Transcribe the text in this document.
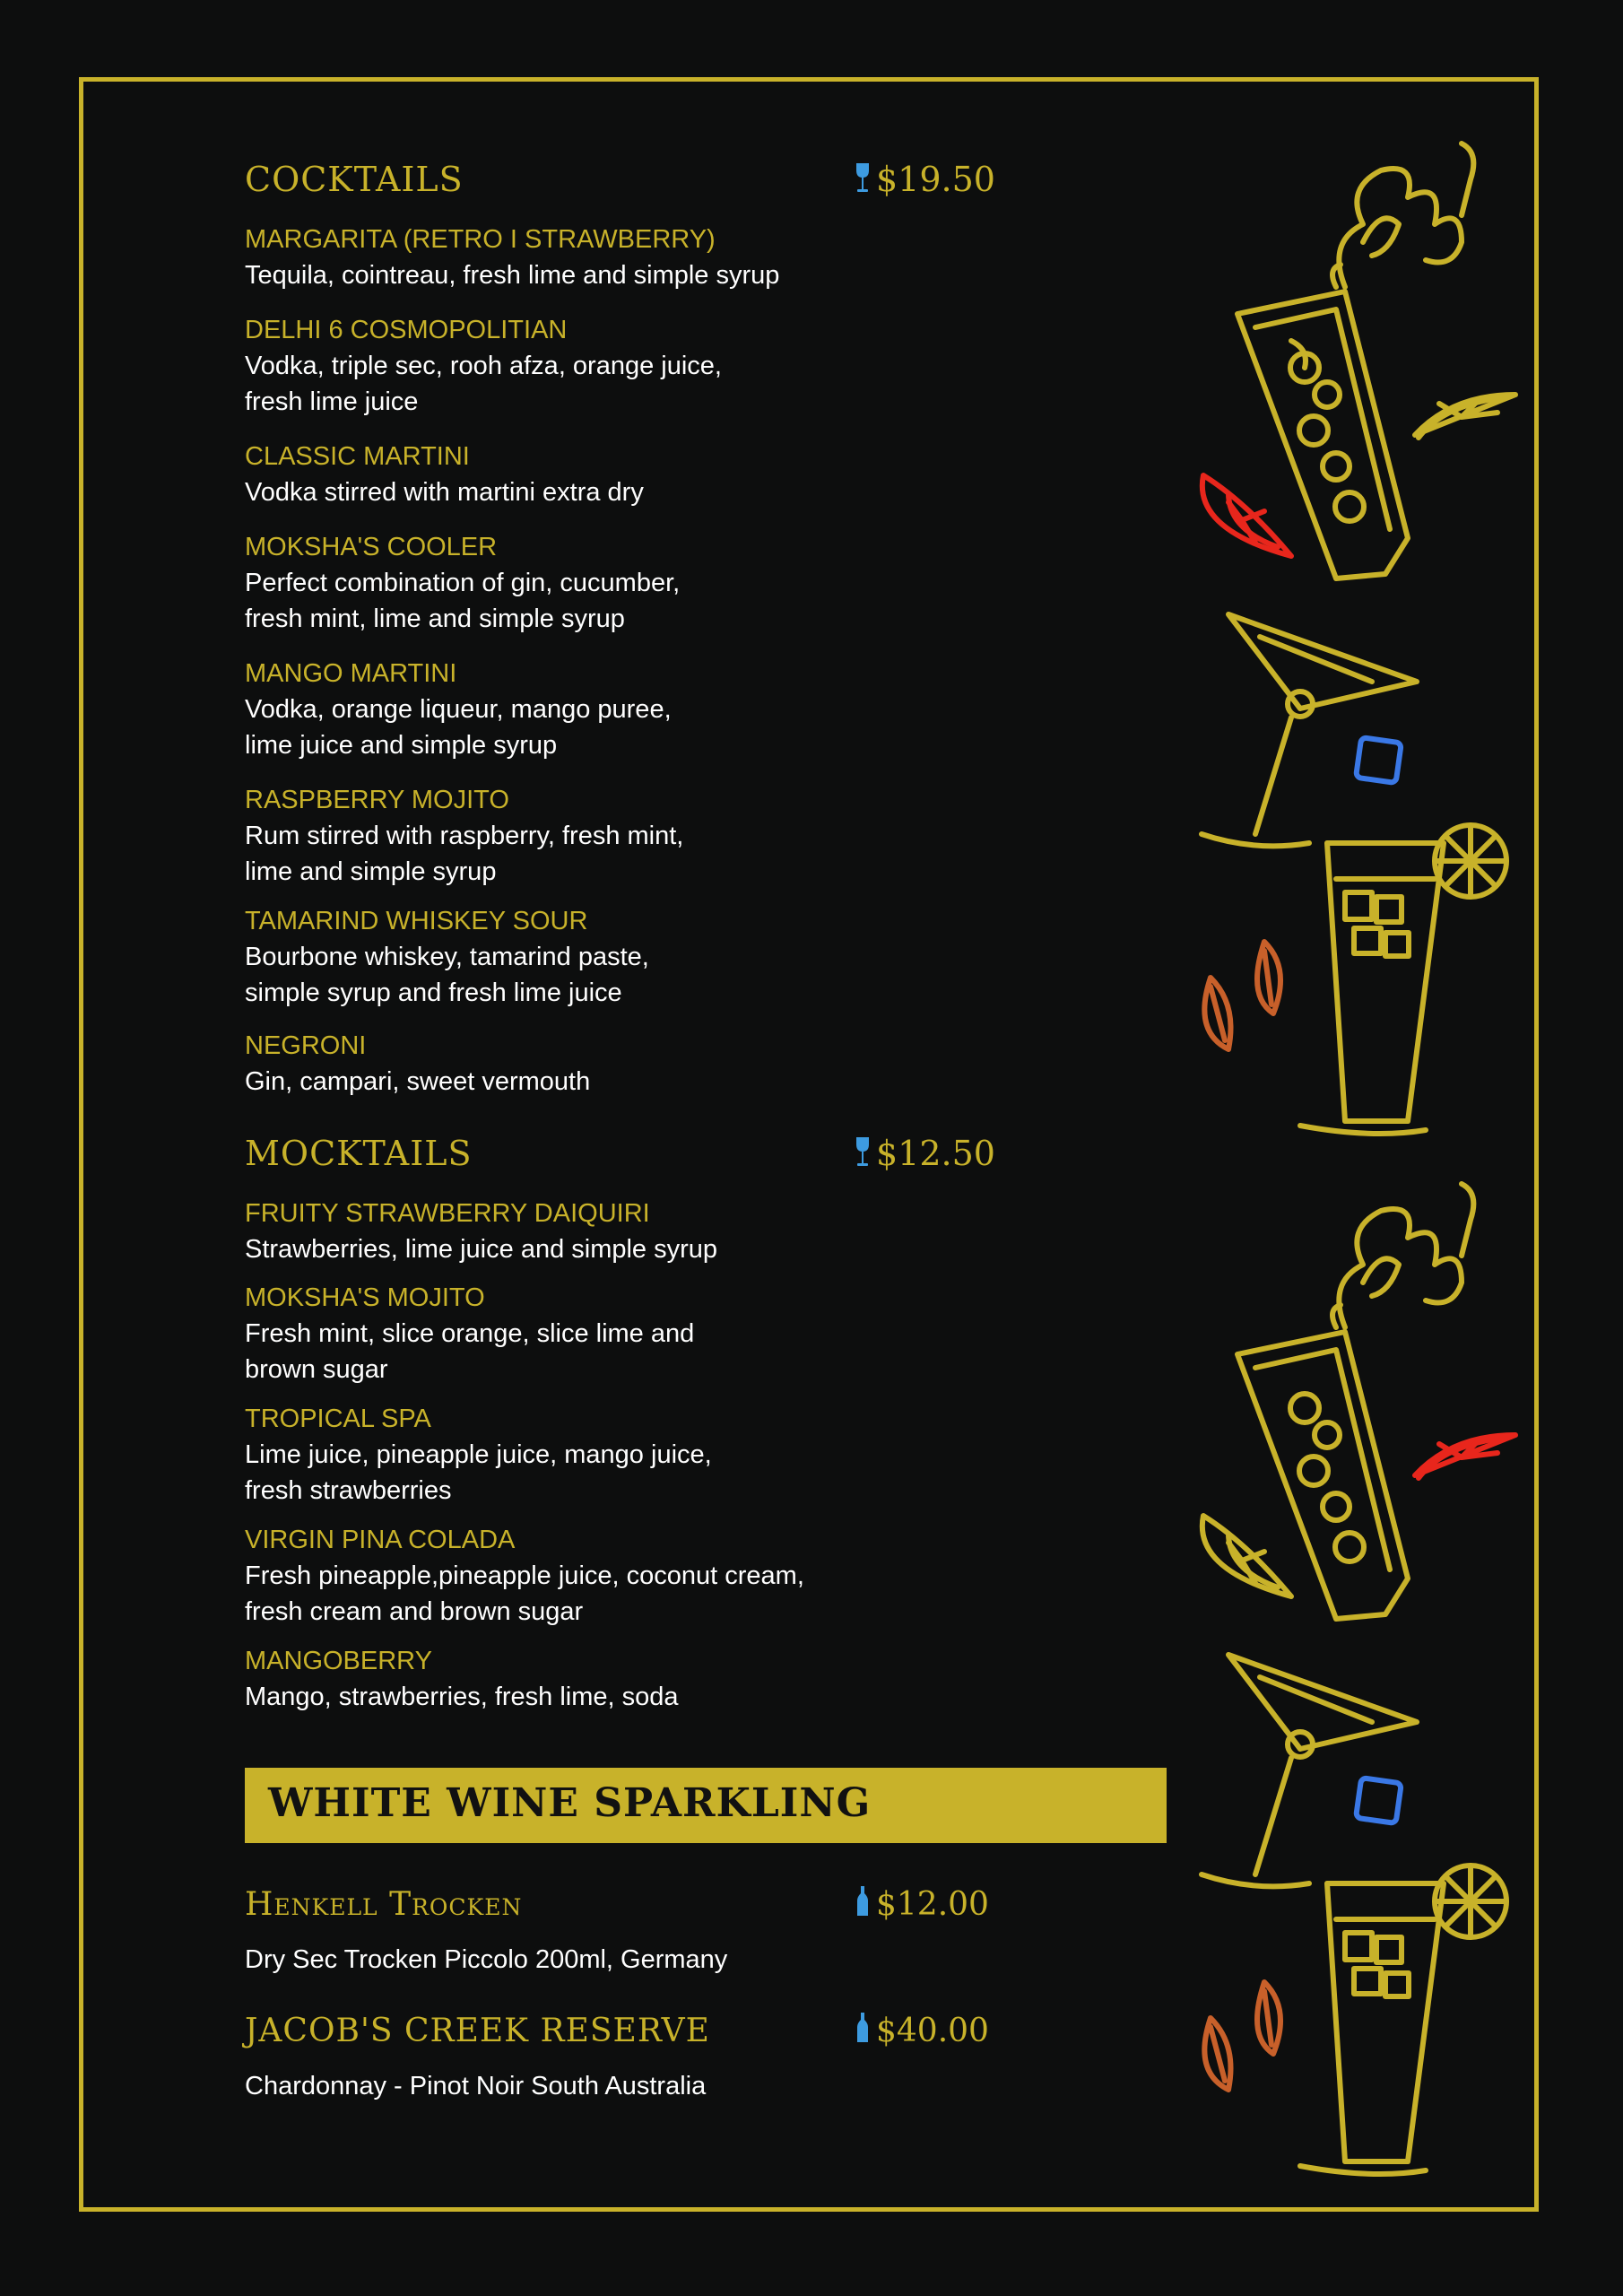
COCKTAILS	$19.50
MARGARITA (RETRO I STRAWBERRY)
Tequila, cointreau, fresh lime and simple syrup
DELHI 6 COSMOPOLITIAN
Vodka, triple sec, rooh afza, orange juice,
fresh lime juice
CLASSIC MARTINI
Vodka stirred with martini extra dry
MOKSHA'S COOLER
Perfect combination of gin, cucumber,
fresh mint, lime and simple syrup
MANGO MARTINI
Vodka, orange liqueur, mango puree,
lime juice and simple syrup
RASPBERRY MOJITO
Rum stirred with raspberry, fresh mint,
lime and simple syrup
TAMARIND WHISKEY SOUR
Bourbone whiskey, tamarind paste,
simple syrup and fresh lime juice
NEGRONI
Gin, campari, sweet vermouth
MOCKTAILS	$12.50
FRUITY STRAWBERRY DAIQUIRI
Strawberries, lime juice and simple syrup
MOKSHA'S MOJITO
Fresh mint, slice orange, slice lime and
brown sugar
TROPICAL SPA
Lime juice, pineapple juice, mango juice,
fresh strawberries
VIRGIN PINA COLADA
Fresh pineapple,pineapple juice, coconut cream,
fresh cream and brown sugar
MANGOBERRY
Mango, strawberries, fresh lime, soda
WHITE WINE SPARKLING
Henkell Trocken	$12.00
Dry Sec Trocken Piccolo 200ml, Germany
JACOB'S CREEK RESERVE	$40.00
Chardonnay - Pinot Noir South Australia
